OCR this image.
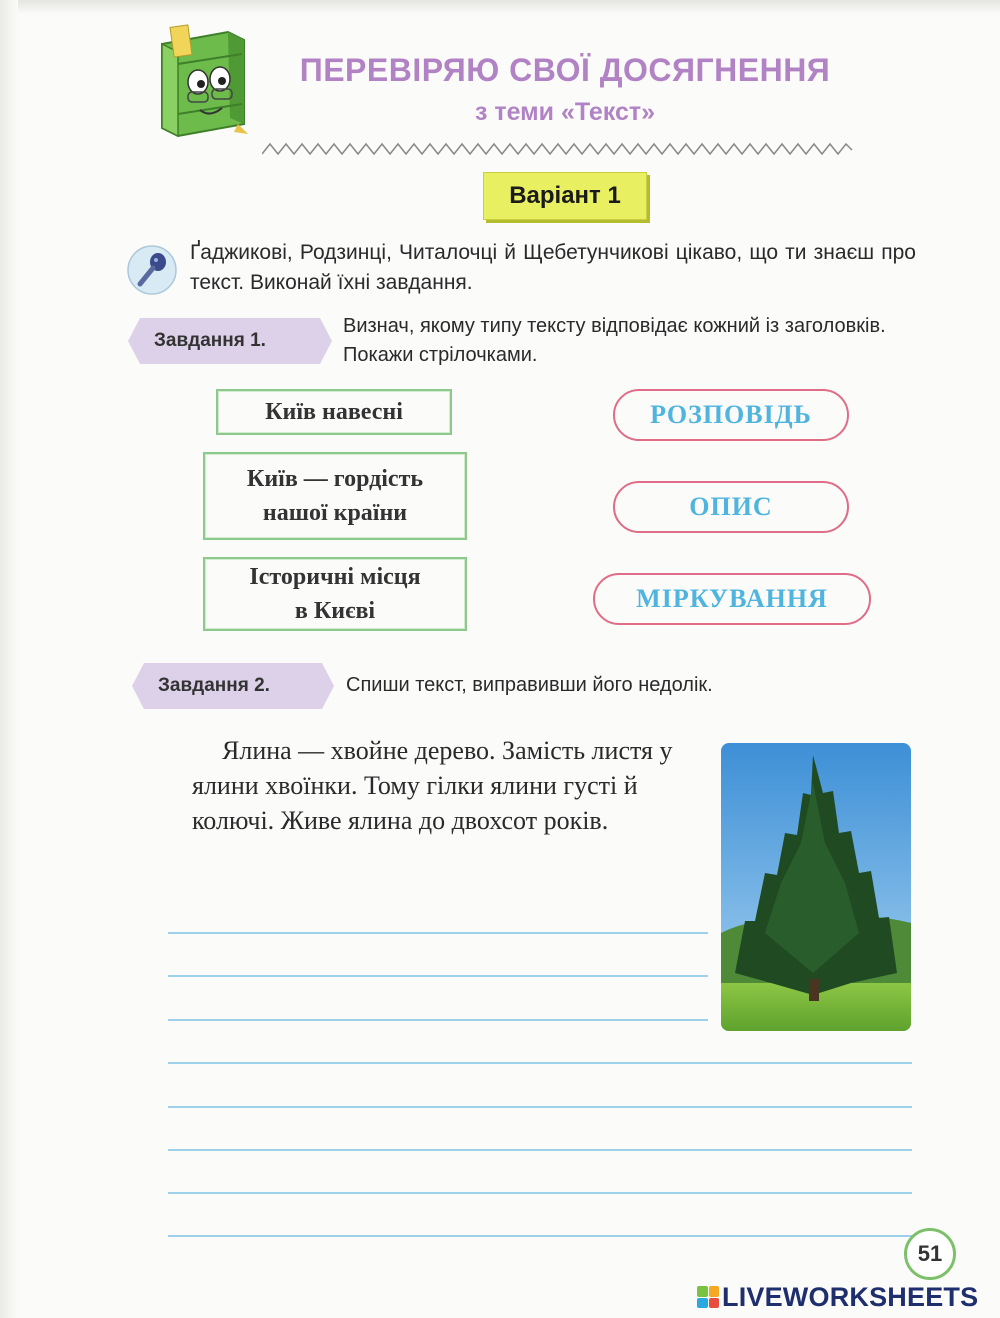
ПЕРЕВІРЯЮ СВОЇ ДОСЯГНЕННЯ
з теми «Текст»
Варіант 1
Ґаджикові, Родзинці, Читалочці й Щебетунчикові цікаво, що ти знаєш про текст. Виконай їхні завдання.
Завдання 1.
Визнач, якому типу тексту відповідає кожний із заголовків. Покажи стрілочками.
Київ навесні
Київ — гордість
нашої країни
Історичні місця
в Києві
РОЗПОВІДЬ
ОПИС
МІРКУВАННЯ
Завдання 2.	Спиши текст, виправивши його недолік.
Ялина — хвойне дерево. Замість листя у ялини хвоїнки. Тому гілки ялини густі й колючі. Живе ялина до двохсот років.
51
LIVEWORKSHEETS
